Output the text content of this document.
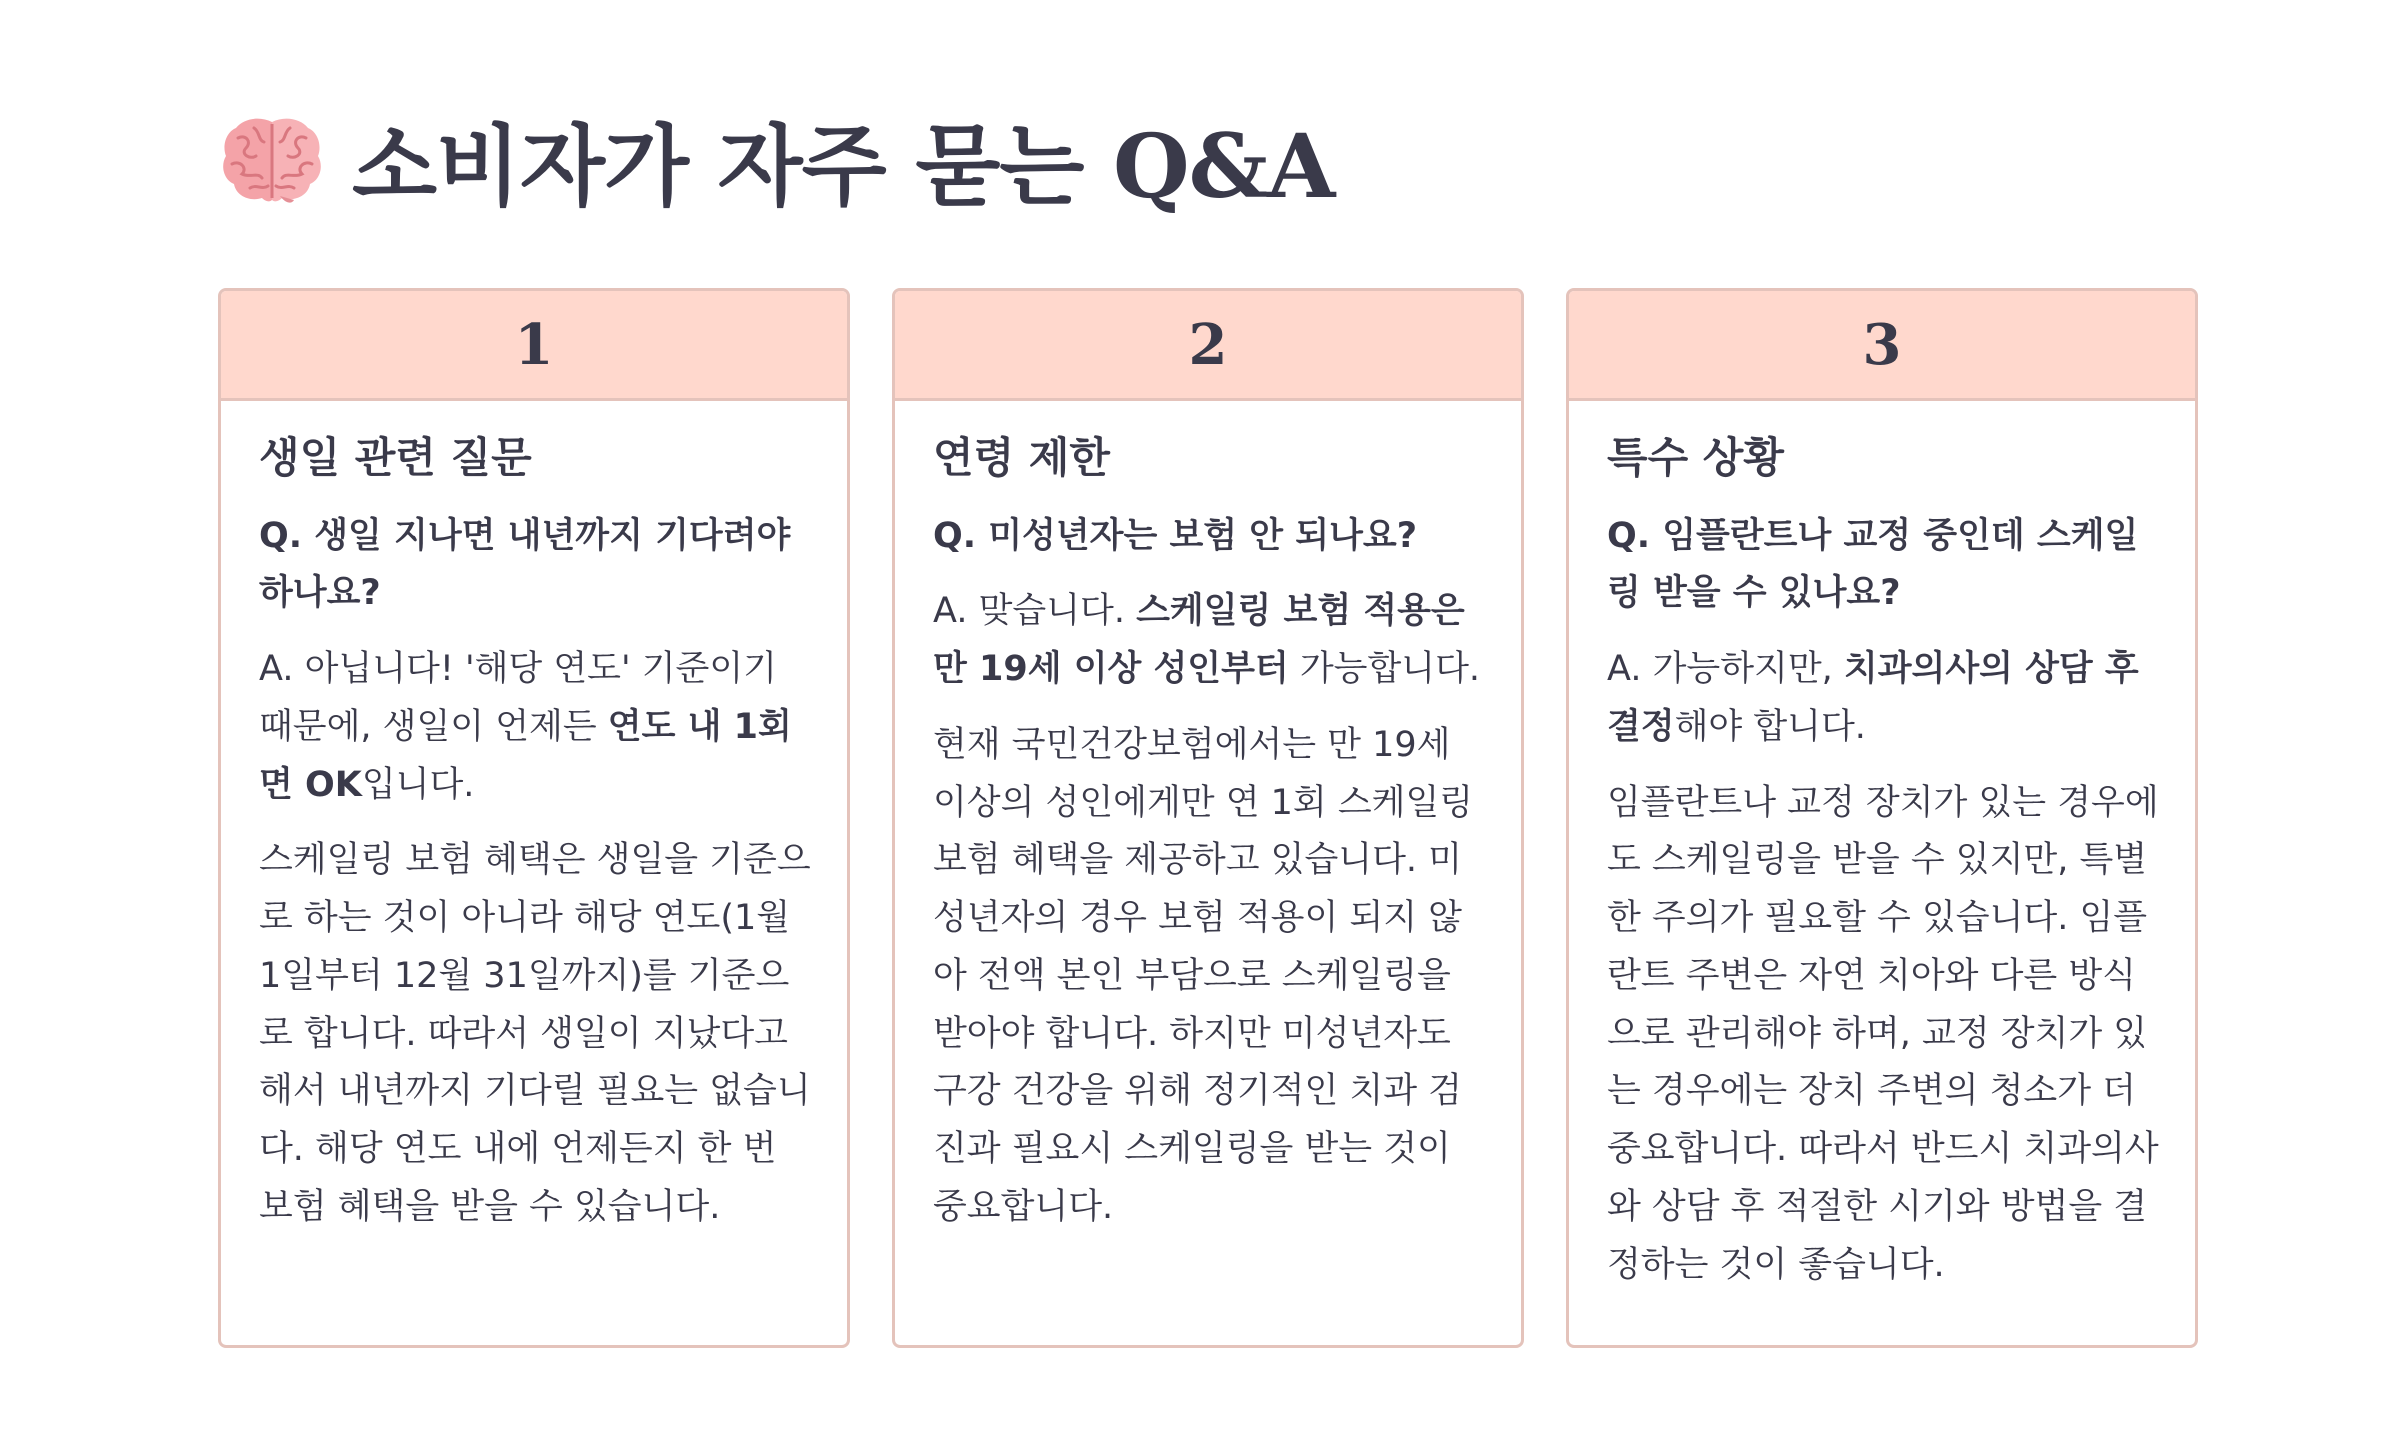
소비자가 자주 묻는 Q&A
1
생일 관련 질문
Q. 생일 지나면 내년까지 기다려야 하나요?
A. 아닙니다! '해당 연도' 기준이기 때문에, 생일이 언제든 연도 내 1회면 OK입니다.
스케일링 보험 혜택은 생일을 기준으로 하는 것이 아니라 해당 연도(1월 1일부터 12월 31일까지)를 기준으로 합니다. 따라서 생일이 지났다고 해서 내년까지 기다릴 필요는 없습니다. 해당 연도 내에 언제든지 한 번 보험 혜택을 받을 수 있습니다.
2
연령 제한
Q. 미성년자는 보험 안 되나요?
A. 맞습니다. 스케일링 보험 적용은 만 19세 이상 성인부터 가능합니다.
현재 국민건강보험에서는 만 19세 이상의 성인에게만 연 1회 스케일링 보험 혜택을 제공하고 있습니다. 미성년자의 경우 보험 적용이 되지 않아 전액 본인 부담으로 스케일링을 받아야 합니다. 하지만 미성년자도 구강 건강을 위해 정기적인 치과 검진과 필요시 스케일링을 받는 것이 중요합니다.
3
특수 상황
Q. 임플란트나 교정 중인데 스케일링 받을 수 있나요?
A. 가능하지만, 치과의사의 상담 후 결정해야 합니다.
임플란트나 교정 장치가 있는 경우에도 스케일링을 받을 수 있지만, 특별한 주의가 필요할 수 있습니다. 임플란트 주변은 자연 치아와 다른 방식으로 관리해야 하며, 교정 장치가 있는 경우에는 장치 주변의 청소가 더 중요합니다. 따라서 반드시 치과의사와 상담 후 적절한 시기와 방법을 결정하는 것이 좋습니다.
